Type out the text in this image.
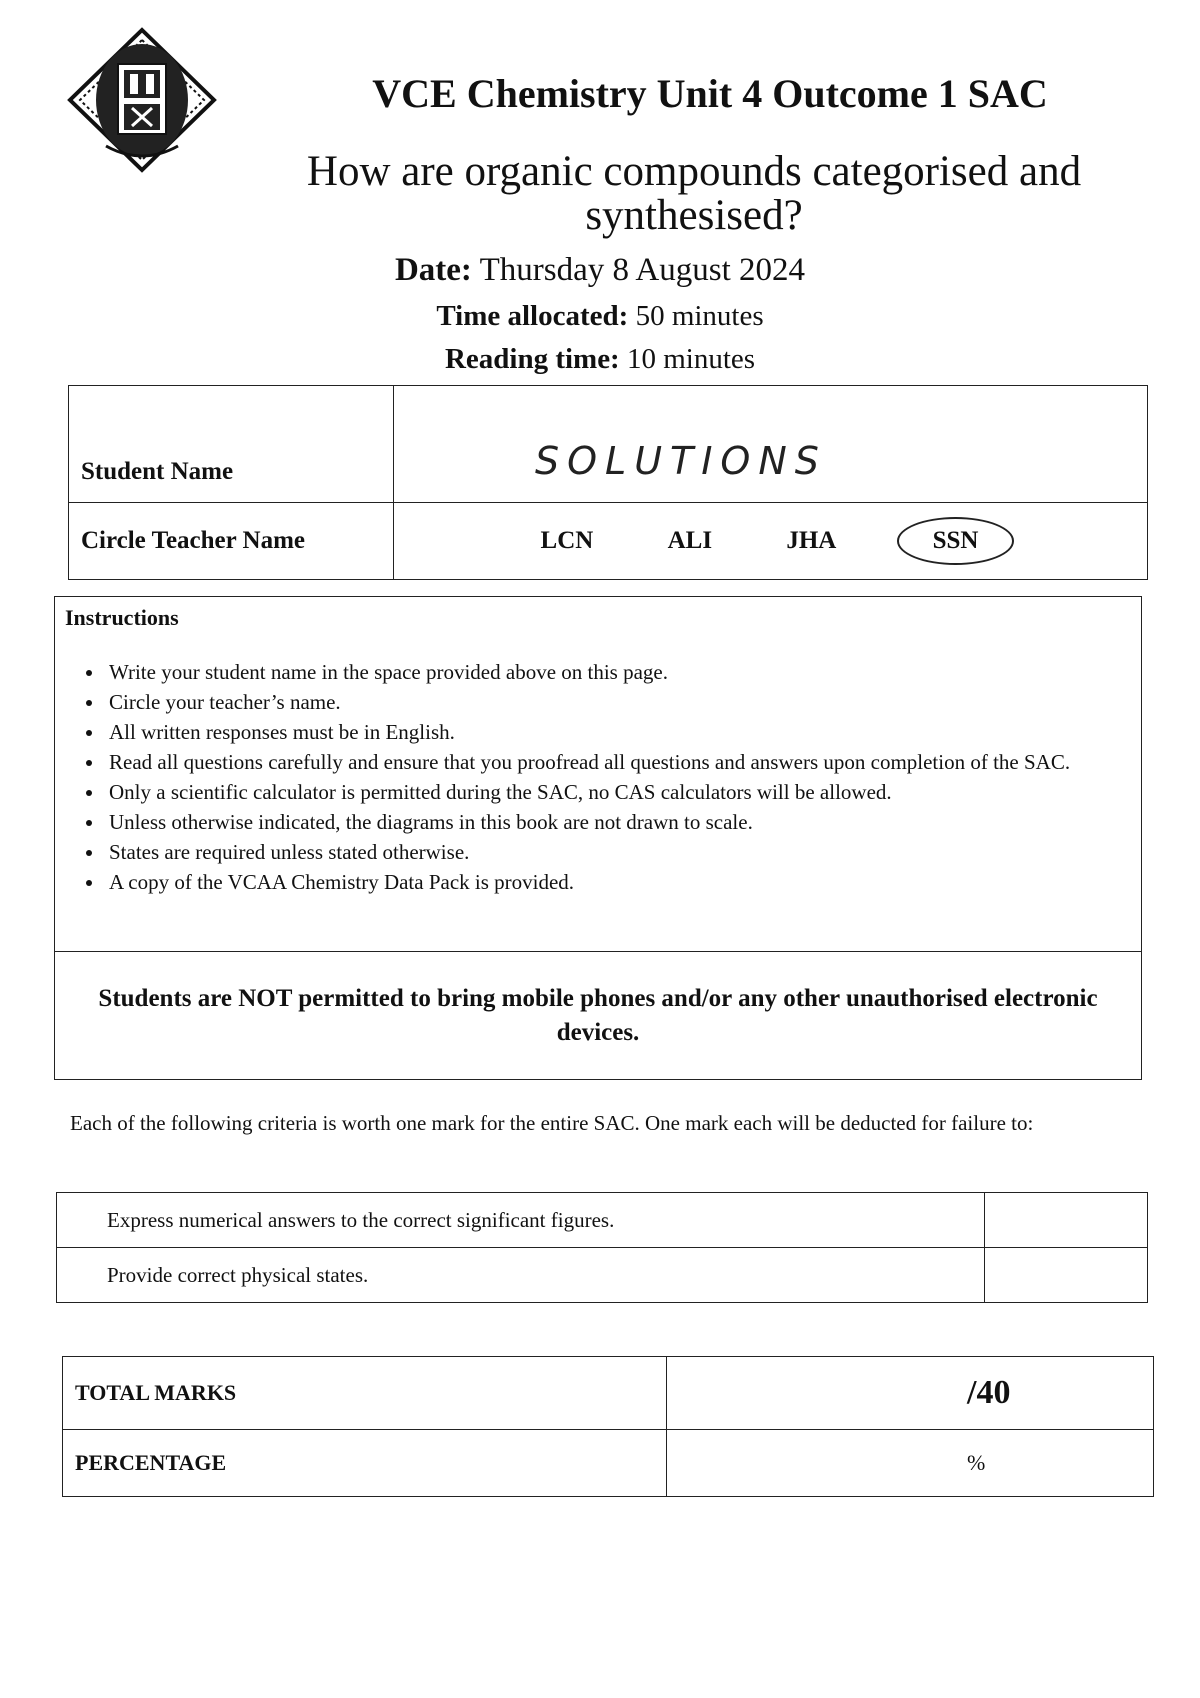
VCE Chemistry Unit 4 Outcome 1 SAC
How are organic compounds categorised and synthesised?

Date: Thursday 8 August 2024

Time allocated: 50 minutes

Reading time: 10 minutes

Student Name	SOLUTIONS

Circle Teacher Name	LCN ALI JHA SSN
Instructions
• Write your student name in the space provided above on this page.
• Circle your teacher’s name.
• All written responses must be in English.
• Read all questions carefully and ensure that you proofread all questions and answers upon completion of the SAC.
• Only a scientific calculator is permitted during the SAC, no CAS calculators will be allowed.
• Unless otherwise indicated, the diagrams in this book are not drawn to scale.
• States are required unless stated otherwise.
• A copy of the VCAA Chemistry Data Pack is provided.
Students are NOT permitted to bring mobile phones and/or any other unauthorised electronic devices.

Each of the following criteria is worth one mark for the entire SAC. One mark each will be deducted for failure to:

Express numerical answers to the correct significant figures.	
Provide correct physical states.	
TOTAL MARKS	/40
PERCENTAGE	%
